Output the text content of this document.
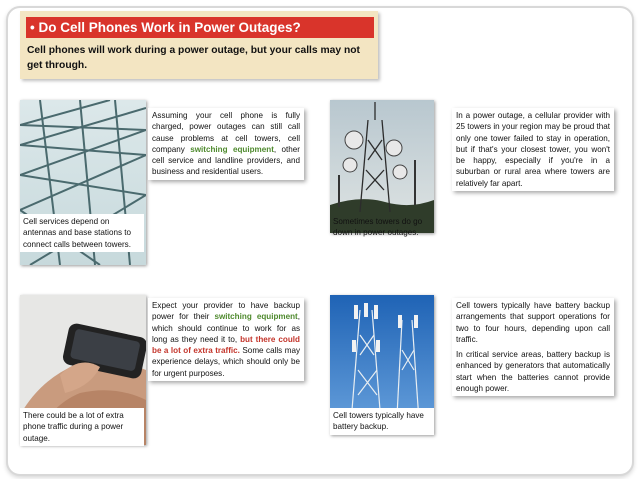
• Do Cell Phones Work in Power Outages?
Cell phones will work during a power outage, but your calls may not get through.
Cell services depend on antennas and base stations to connect calls between towers.
Assuming your cell phone is fully charged, power outages can still call cause problems at cell towers, cell company switching equipment, other cell service and landline providers, and business and residential users.
Sometimes towers do go down in power outages.
In a power outage, a cellular provider with 25 towers in your region may be proud that only one tower failed to stay in operation, but if that's your closest tower, you won't be happy, especially if you're in a suburban or rural area where towers are relatively far apart.
There could be a lot of extra phone traffic during a power outage.
Expect your provider to have backup power for their switching equipment, which should continue to work for as long as they need it to, but there could be a lot of extra traffic. Some calls may experience delays, which should only be for urgent purposes.
Cell towers typically have battery backup.

Cell towers typically have battery backup arrangements that support operations for two to four hours, depending upon call traffic.

In critical service areas, battery backup is enhanced by generators that automatically start when the batteries cannot provide enough power.
